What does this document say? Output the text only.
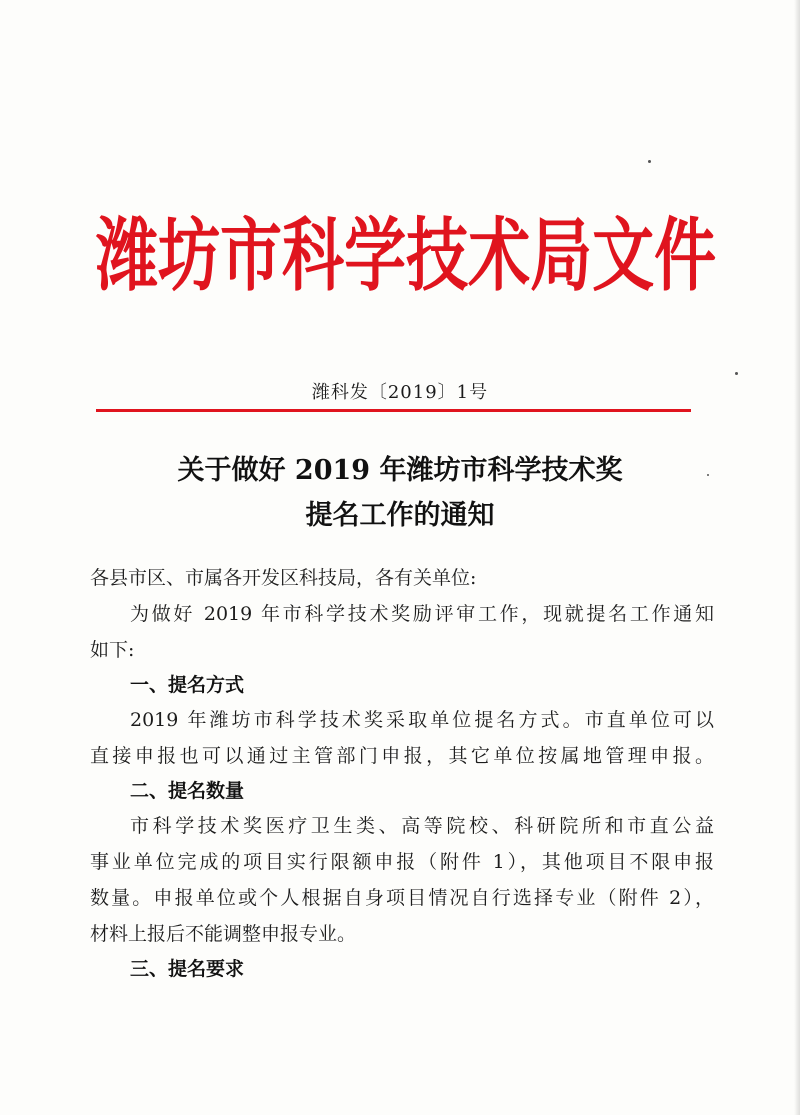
潍 坊 市 科 学 技 术 局 文 件
潍科发〔2019〕1号
关于做好 2019 年潍坊市科学技术奖
提名工作的通知
各县市区、市属各开发区科技局，各有关单位:
为做好 2019 年市科学技术奖励评审工作，现就提名工作通知
如下:
一、提名方式
2019 年潍坊市科学技术奖采取单位提名方式。市直单位可以
直接申报也可以通过主管部门申报，其它单位按属地管理申报。
二、提名数量
市科学技术奖医疗卫生类、高等院校、科研院所和市直公益
事业单位完成的项目实行限额申报（附件 1），其他项目不限申报
数量。申报单位或个人根据自身项目情况自行选择专业（附件 2），
材料上报后不能调整申报专业。
三、提名要求
